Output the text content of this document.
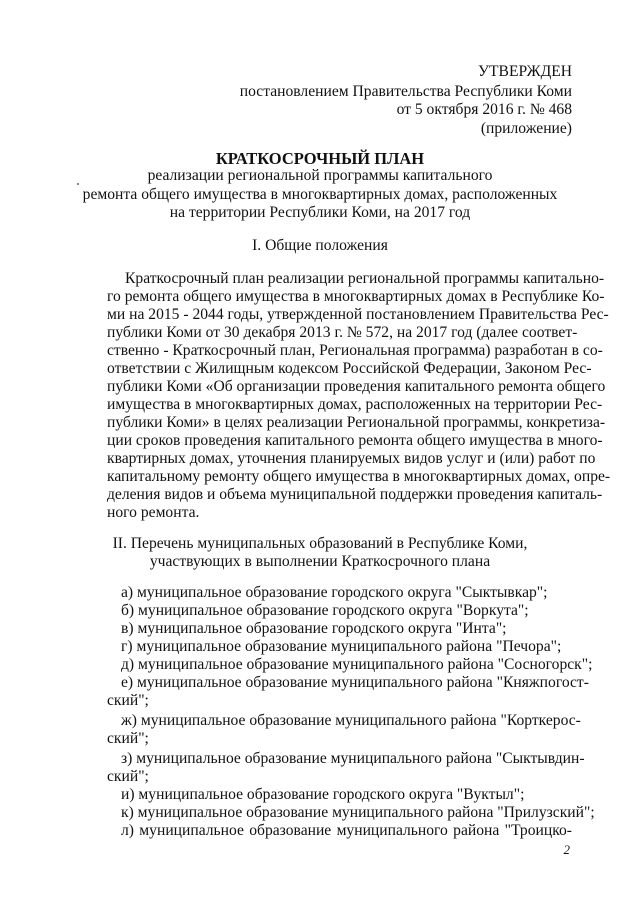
УТВЕРЖДЕН
постановлением Правительства Республики Коми
от 5 октября 2016 г. № 468
(приложение)
КРАТКОСРОЧНЫЙ ПЛАН
реализации региональной программы капитального
ремонта общего имущества в многоквартирных домах, расположенных
на территории Республики Коми, на 2017 год
I. Общие положения
Краткосрочный план реализации региональной программы капитально-
го ремонта общего имущества в многоквартирных домах в Республике Ко-
ми на 2015 - 2044 годы, утвержденной постановлением Правительства Рес-
публики Коми от 30 декабря 2013 г. № 572, на 2017 год (далее соответ-
ственно - Краткосрочный план, Региональная программа) разработан в со-
ответствии с Жилищным кодексом Российской Федерации, Законом Рес-
публики Коми «Об организации проведения капитального ремонта общего
имущества в многоквартирных домах, расположенных на территории Рес-
публики Коми» в целях реализации Региональной программы, конкретиза-
ции сроков проведения капитального ремонта общего имущества в много-
квартирных домах, уточнения планируемых видов услуг и (или) работ по
капитальному ремонту общего имущества в многоквартирных домах, опре-
деления видов и объема муниципальной поддержки проведения капиталь-
ного ремонта.
II. Перечень муниципальных образований в Республике Коми,
участвующих в выполнении Краткосрочного плана
а) муниципальное образование городского округа "Сыктывкар";
б) муниципальное образование городского округа "Воркута";
в) муниципальное образование городского округа "Инта";
г) муниципальное образование муниципального района "Печора";
д) муниципальное образование муниципального района "Сосногорск";
е) муниципальное образование муниципального района "Княжпогост-
ский";
ж) муниципальное образование муниципального района "Корткерос-
ский";
з) муниципальное образование муниципального района "Сыктывдин-
ский";
и) муниципальное образование городского округа "Вуктыл";
к) муниципальное образование муниципального района "Прилузский";
л) муниципальное образование муниципального района "Троицко-
2
